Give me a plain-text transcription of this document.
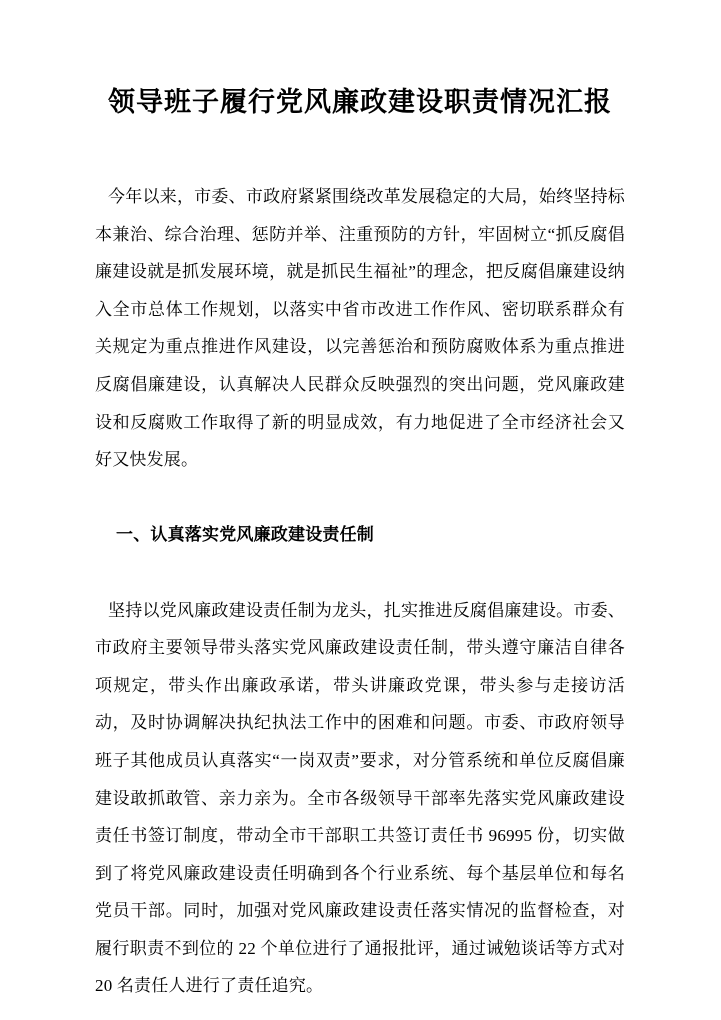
领导班子履行党风廉政建设职责情况汇报

今年以来，市委、市政府紧紧围绕改革发展稳定的大局，始终坚持标本兼治、综合治理、惩防并举、注重预防的方针，牢固树立“抓反腐倡廉建设就是抓发展环境，就是抓民生福祉”的理念，把反腐倡廉建设纳入全市总体工作规划，以落实中省市改进工作作风、密切联系群众有关规定为重点推进作风建设，以完善惩治和预防腐败体系为重点推进反腐倡廉建设，认真解决人民群众反映强烈的突出问题，党风廉政建设和反腐败工作取得了新的明显成效，有力地促进了全市经济社会又好又快发展。

一、认真落实党风廉政建设责任制

坚持以党风廉政建设责任制为龙头，扎实推进反腐倡廉建设。市委、市政府主要领导带头落实党风廉政建设责任制，带头遵守廉洁自律各项规定，带头作出廉政承诺，带头讲廉政党课，带头参与走接访活动，及时协调解决执纪执法工作中的困难和问题。市委、市政府领导班子其他成员认真落实“一岗双责”要求，对分管系统和单位反腐倡廉建设敢抓敢管、亲力亲为。全市各级领导干部率先落实党风廉政建设责任书签订制度，带动全市干部职工共签订责任书 96995 份，切实做到了将党风廉政建设责任明确到各个行业系统、每个基层单位和每名党员干部。同时，加强对党风廉政建设责任落实情况的监督检查，对履行职责不到位的 22 个单位进行了通报批评，通过诫勉谈话等方式对 20 名责任人进行了责任追究。
